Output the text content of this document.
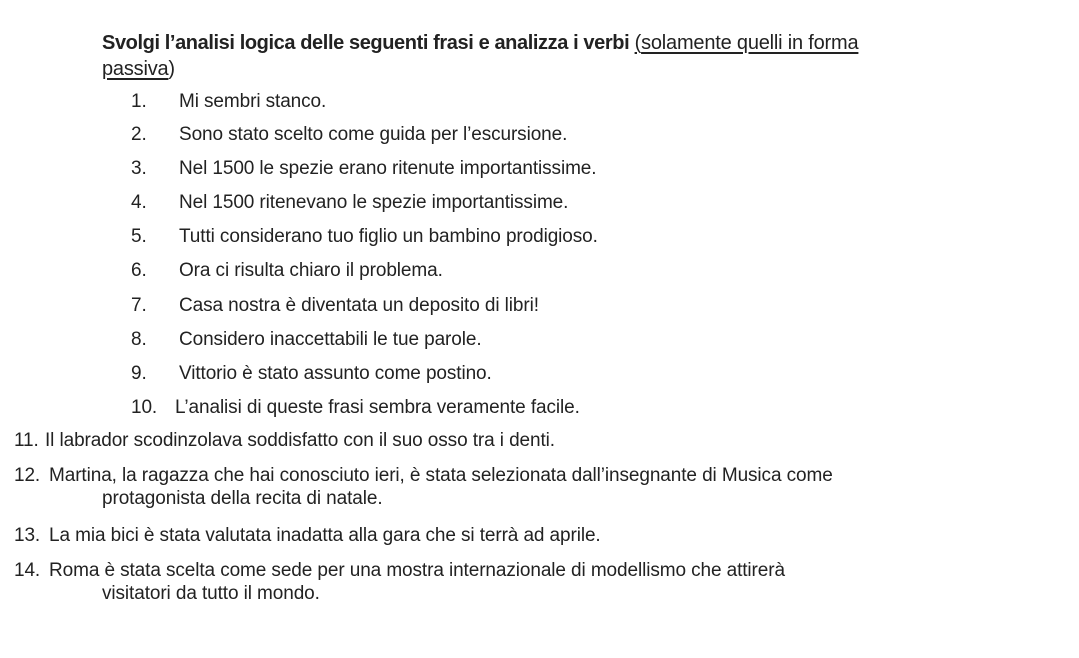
Svolgi l’analisi logica delle seguenti frasi e analizza i verbi (solamente quelli in forma passiva)
1. Mi sembri stanco.
2. Sono stato scelto come guida per l’escursione.
3. Nel 1500 le spezie erano ritenute importantissime.
4. Nel 1500 ritenevano le spezie importantissime.
5. Tutti considerano tuo figlio un bambino prodigioso.
6. Ora ci risulta chiaro il problema.
7. Casa nostra è diventata un deposito di libri!
8. Considero inaccettabili le tue parole.
9. Vittorio è stato assunto come postino.
10. L’analisi di queste frasi sembra veramente facile.
11. Il labrador scodinzolava soddisfatto con il suo osso tra i denti.
12. Martina, la ragazza che hai conosciuto ieri, è stata selezionata dall’insegnante di Musica come
protagonista della recita di natale.
13. La mia bici è stata valutata inadatta alla gara che si terrà ad aprile.
14. Roma è stata scelta come sede per una mostra internazionale di modellismo che attirerà
visitatori da tutto il mondo.
